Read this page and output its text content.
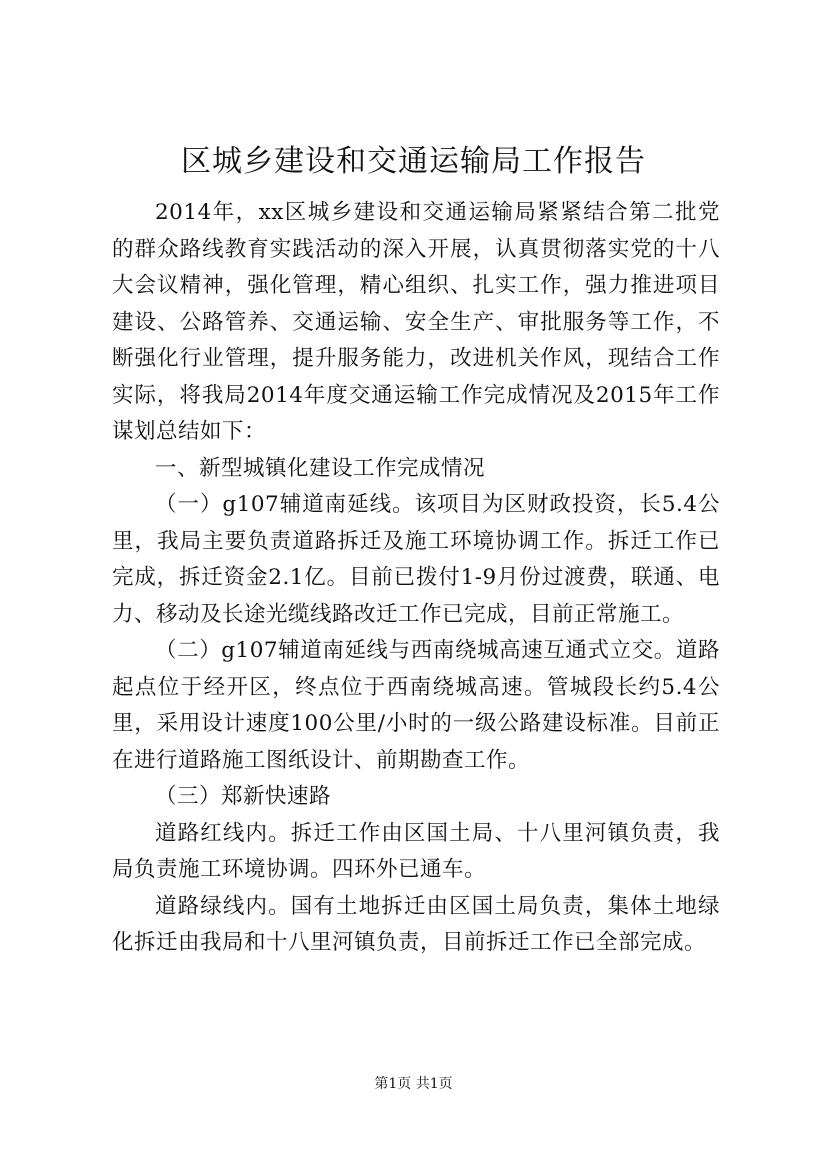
区城乡建设和交通运输局工作报告

2014年，xx区城乡建设和交通运输局紧紧结合第二批党的群众路线教育实践活动的深入开展，认真贯彻落实党的十八大会议精神，强化管理，精心组织、扎实工作，强力推进项目建设、公路管养、交通运输、安全生产、审批服务等工作，不断强化行业管理，提升服务能力，改进机关作风，现结合工作实际，将我局2014年度交通运输工作完成情况及2015年工作谋划总结如下：

一、新型城镇化建设工作完成情况

（一）g107辅道南延线。该项目为区财政投资，长5.4公里，我局主要负责道路拆迁及施工环境协调工作。拆迁工作已完成，拆迁资金2.1亿。目前已拨付1-9月份过渡费，联通、电力、移动及长途光缆线路改迁工作已完成，目前正常施工。

（二）g107辅道南延线与西南绕城高速互通式立交。道路起点位于经开区，终点位于西南绕城高速。管城段长约5.4公里，采用设计速度100公里/小时的一级公路建设标准。目前正在进行道路施工图纸设计、前期勘查工作。

（三）郑新快速路

道路红线内。拆迁工作由区国土局、十八里河镇负责，我局负责施工环境协调。四环外已通车。

道路绿线内。国有土地拆迁由区国土局负责，集体土地绿化拆迁由我局和十八里河镇负责，目前拆迁工作已全部完成。

第1页 共1页
